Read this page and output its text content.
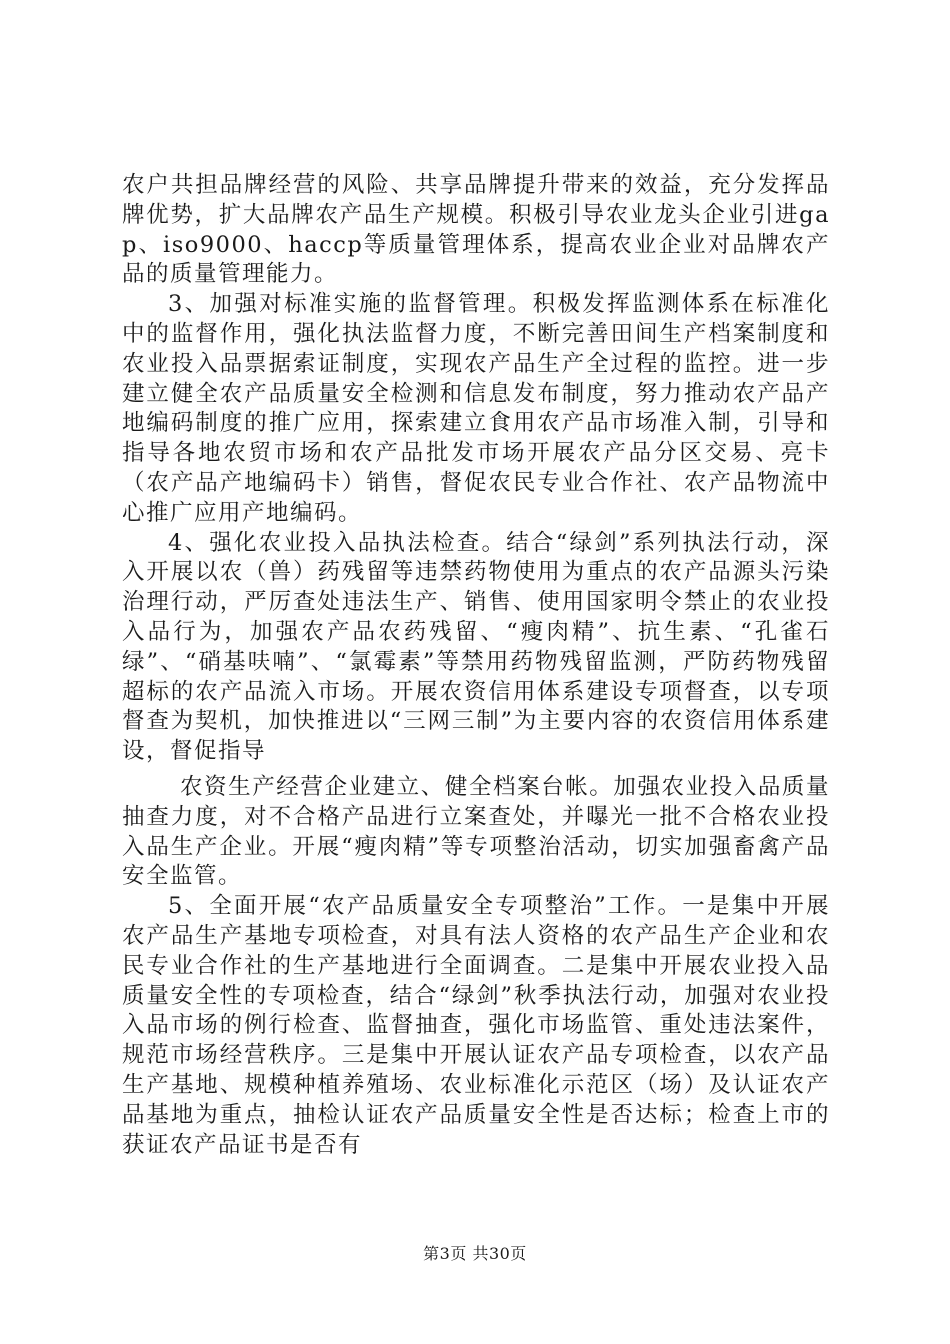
农户共担品牌经营的风险、共享品牌提升带来的效益，充分发挥品牌优势，扩大品牌农产品生产规模。积极引导农业龙头企业引进gap、iso9000、haccp等质量管理体系，提高农业企业对品牌农产品的质量管理能力。

3、加强对标准实施的监督管理。积极发挥监测体系在标准化中的监督作用，强化执法监督力度，不断完善田间生产档案制度和农业投入品票据索证制度，实现农产品生产全过程的监控。进一步建立健全农产品质量安全检测和信息发布制度，努力推动农产品产地编码制度的推广应用，探索建立食用农产品市场准入制，引导和指导各地农贸市场和农产品批发市场开展农产品分区交易、亮卡（农产品产地编码卡）销售，督促农民专业合作社、农产品物流中心推广应用产地编码。

4、强化农业投入品执法检查。结合“绿剑”系列执法行动，深入开展以农（兽）药残留等违禁药物使用为重点的农产品源头污染治理行动，严厉查处违法生产、销售、使用国家明令禁止的农业投入品行为，加强农产品农药残留、“瘦肉精”、抗生素、“孔雀石绿”、“硝基呋喃”、“氯霉素”等禁用药物残留监测，严防药物残留超标的农产品流入市场。开展农资信用体系建设专项督查，以专项督查为契机，加快推进以“三网三制”为主要内容的农资信用体系建设，督促指导

农资生产经营企业建立、健全档案台帐。加强农业投入品质量抽查力度，对不合格产品进行立案查处，并曝光一批不合格农业投入品生产企业。开展“瘦肉精”等专项整治活动，切实加强畜禽产品安全监管。

5、全面开展“农产品质量安全专项整治”工作。一是集中开展农产品生产基地专项检查，对具有法人资格的农产品生产企业和农民专业合作社的生产基地进行全面调查。二是集中开展农业投入品质量安全性的专项检查，结合“绿剑”秋季执法行动，加强对农业投入品市场的例行检查、监督抽查，强化市场监管、重处违法案件，规范市场经营秩序。三是集中开展认证农产品专项检查，以农产品生产基地、规模种植养殖场、农业标准化示范区（场）及认证农产品基地为重点，抽检认证农产品质量安全性是否达标；检查上市的获证农产品证书是否有

第3页 共30页
